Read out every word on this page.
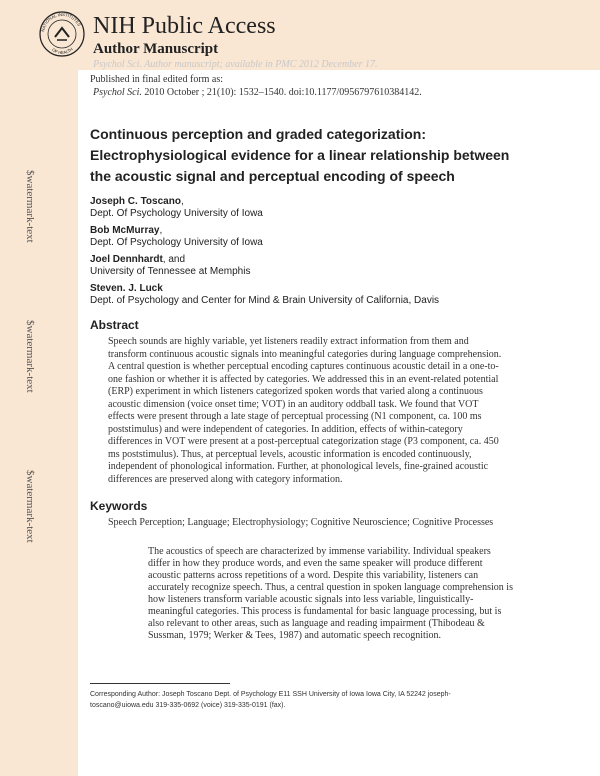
NATIONAL INSTITUTES
OF HEALTH
NIH Public Access
Author Manuscript
Psychol Sci. Author manuscript; available in PMC 2012 December 17.
$watermark-text
$watermark-text
$watermark-text
Published in final edited form as:
Psychol Sci. 2010 October ; 21(10): 1532–1540. doi:10.1177/0956797610384142.
Continuous perception and graded categorization: Electrophysiological evidence for a linear relationship between the acoustic signal and perceptual encoding of speech
Joseph C. Toscano,
Dept. Of Psychology University of Iowa
Bob McMurray,
Dept. Of Psychology University of Iowa
Joel Dennhardt, and
University of Tennessee at Memphis
Steven. J. Luck
Dept. of Psychology and Center for Mind & Brain University of California, Davis
Abstract
Speech sounds are highly variable, yet listeners readily extract information from them and transform continuous acoustic signals into meaningful categories during language comprehension. A central question is whether perceptual encoding captures continuous acoustic detail in a one-to-one fashion or whether it is affected by categories. We addressed this in an event-related potential (ERP) experiment in which listeners categorized spoken words that varied along a continuous acoustic dimension (voice onset time; VOT) in an auditory oddball task. We found that VOT effects were present through a late stage of perceptual processing (N1 component, ca. 100 ms poststimulus) and were independent of categories. In addition, effects of within-category differences in VOT were present at a post-perceptual categorization stage (P3 component, ca. 450 ms poststimulus). Thus, at perceptual levels, acoustic information is encoded continuously, independent of phonological information. Further, at phonological levels, fine-grained acoustic differences are preserved along with category information.
Keywords
Speech Perception; Language; Electrophysiology; Cognitive Neuroscience; Cognitive Processes
The acoustics of speech are characterized by immense variability. Individual speakers differ in how they produce words, and even the same speaker will produce different acoustic patterns across repetitions of a word. Despite this variability, listeners can accurately recognize speech. Thus, a central question in spoken language comprehension is how listeners transform variable acoustic signals into less variable, linguistically-meaningful categories. This process is fundamental for basic language processing, but is also relevant to other areas, such as language and reading impairment (Thibodeau & Sussman, 1979; Werker & Tees, 1987) and automatic speech recognition.
Corresponding Author: Joseph Toscano Dept. of Psychology E11 SSH University of Iowa Iowa City, IA 52242 joseph-toscano@uiowa.edu 319-335-0692 (voice) 319-335-0191 (fax).
